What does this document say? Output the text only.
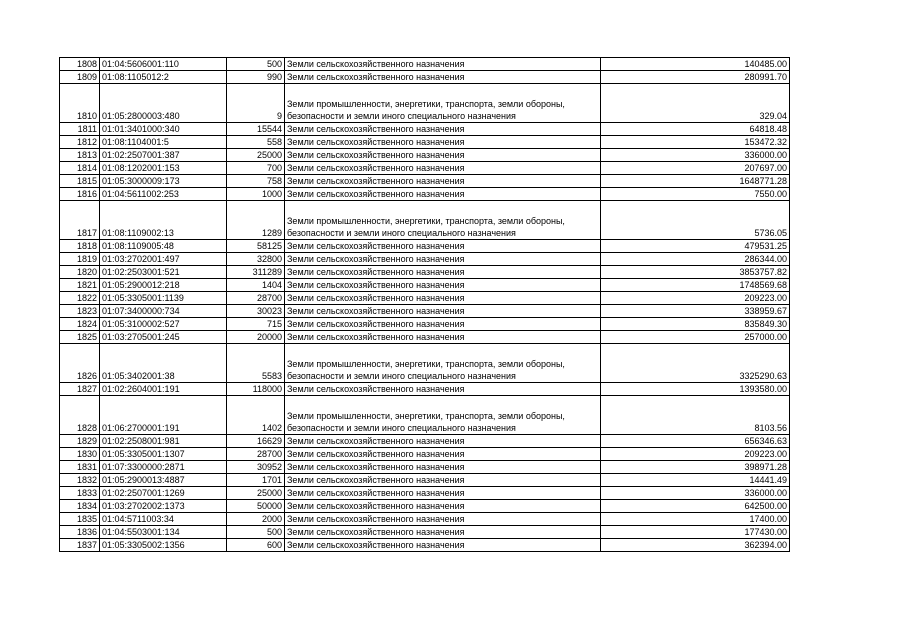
1808	01:04:5606001:110	500	Земли сельскохозяйственного назначения	140485.00
1809	01:08:1105012:2	990	Земли сельскохозяйственного назначения	280991.70
1810	01:05:2800003:480	9	Земли промышленности, энергетики, транспорта, земли обороны, безопасности и земли иного специального назначения	329.04
1811	01:01:3401000:340	15544	Земли сельскохозяйственного назначения	64818.48
1812	01:08:1104001:5	558	Земли сельскохозяйственного назначения	153472.32
1813	01:02:2507001:387	25000	Земли сельскохозяйственного назначения	336000.00
1814	01:08:1202001:153	700	Земли сельскохозяйственного назначения	207697.00
1815	01:05:3000009:173	758	Земли сельскохозяйственного назначения	1648771.28
1816	01:04:5611002:253	1000	Земли сельскохозяйственного назначения	7550.00
1817	01:08:1109002:13	1289	Земли промышленности, энергетики, транспорта, земли обороны, безопасности и земли иного специального назначения	5736.05
1818	01:08:1109005:48	58125	Земли сельскохозяйственного назначения	479531.25
1819	01:03:2702001:497	32800	Земли сельскохозяйственного назначения	286344.00
1820	01:02:2503001:521	311289	Земли сельскохозяйственного назначения	3853757.82
1821	01:05:2900012:218	1404	Земли сельскохозяйственного назначения	1748569.68
1822	01:05:3305001:1139	28700	Земли сельскохозяйственного назначения	209223.00
1823	01:07:3400000:734	30023	Земли сельскохозяйственного назначения	338959.67
1824	01:05:3100002:527	715	Земли сельскохозяйственного назначения	835849.30
1825	01:03:2705001:245	20000	Земли сельскохозяйственного назначения	257000.00
1826	01:05:3402001:38	5583	Земли промышленности, энергетики, транспорта, земли обороны, безопасности и земли иного специального назначения	3325290.63
1827	01:02:2604001:191	118000	Земли сельскохозяйственного назначения	1393580.00
1828	01:06:2700001:191	1402	Земли промышленности, энергетики, транспорта, земли обороны, безопасности и земли иного специального назначения	8103.56
1829	01:02:2508001:981	16629	Земли сельскохозяйственного назначения	656346.63
1830	01:05:3305001:1307	28700	Земли сельскохозяйственного назначения	209223.00
1831	01:07:3300000:2871	30952	Земли сельскохозяйственного назначения	398971.28
1832	01:05:2900013:4887	1701	Земли сельскохозяйственного назначения	14441.49
1833	01:02:2507001:1269	25000	Земли сельскохозяйственного назначения	336000.00
1834	01:03:2702002:1373	50000	Земли сельскохозяйственного назначения	642500.00
1835	01:04:5711003:34	2000	Земли сельскохозяйственного назначения	17400.00
1836	01:04:5503001:134	500	Земли сельскохозяйственного назначения	177430.00
1837	01:05:3305002:1356	600	Земли сельскохозяйственного назначения	362394.00
